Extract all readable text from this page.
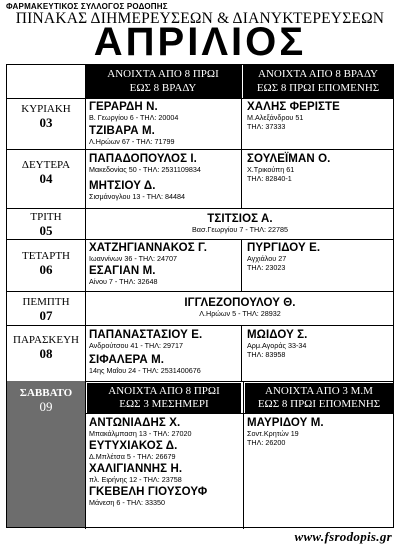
ΦΑΡΜΑΚΕΥΤΙΚΟΣ ΣΥΛΛΟΓΟΣ ΡΟΔΟΠΗΣ
ΠΙΝΑΚΑΣ ΔΙΗΜΕΡΕΥΣΕΩΝ & ΔΙΑΝΥΚΤΕΡΕΥΣΕΩΝ
ΑΠΡΙΛΙΟΣ
ΑΝΟΙΧΤΑ ΑΠΟ 8 ΠΡΩΙ
ΕΩΣ 8 ΒΡΑΔΥ
ΑΝΟΙΧΤΑ ΑΠΟ 8 ΒΡΑΔΥ
ΕΩΣ 8 ΠΡΩΙ ΕΠΟΜΕΝΗΣ
ΚΥΡΙΑΚΗ
03
ΓΕΡΑΡΔΗ Ν.
Β. Γεωργίου 6 - ΤΗΛ: 20004
ΤΖΙΒΑΡΑ Μ.
Λ.Ηρώων 67 - ΤΗΛ: 71799
ΧΑΛΗΣ ΦΕΡΙΣΤΕ
Μ.Αλεξάνδρου 51
ΤΗΛ: 37333
ΔΕΥΤΕΡΑ
04
ΠΑΠΑΔΟΠΟΥΛΟΣ Ι.
Μακεδονίας 50 - ΤΗΛ: 2531109834
ΜΗΤΣΙΟΥ Δ.
Σισμάνογλου 13 - ΤΗΛ: 84484
ΣΟΥΛΕΪΜΑΝ Ο.
Χ.Τρικούπη 61
ΤΗΛ: 82840-1
ΤΡΙΤΗ
05
ΤΣΙΤΣΙΟΣ Α.
Βασ.Γεωργίου 7 - ΤΗΛ: 22785
ΤΕΤΑΡΤΗ
06
ΧΑΤΖΗΓΙΑΝΝΑΚΟΣ Γ.
Ιωαννίνων 36 - ΤΗΛ: 24707
ΕΣΑΓΙΑΝ Μ.
Αίνου 7 - ΤΗΛ: 32648
ΠΥΡΓΙΔΟΥ Ε.
Αγχιάλου 27
ΤΗΛ: 23023
ΠΕΜΠΤΗ
07
ΙΓΓΛΕΖΟΠΟΥΛΟΥ Θ.
Λ.Ηρώων 5 - ΤΗΛ: 28932
ΠΑΡΑΣΚΕΥΗ
08
ΠΑΠΑΝΑΣΤΑΣΙΟΥ Ε.
Ανδρούτσου 41 - ΤΗΛ: 29717
ΣΙΦΑΛΕΡΑ Μ.
14ης Μαΐου 24 - ΤΗΛ: 2531400676
ΜΩΙΔΟΥ Σ.
Αρμ.Αγοράς 33-34
ΤΗΛ: 83958
ΣΑΒΒΑΤΟ
09
ΑΝΟΙΧΤΑ ΑΠΟ 8 ΠΡΩΙ
ΕΩΣ 3 ΜΕΣΗΜΕΡΙ
ΑΝΟΙΧΤΑ ΑΠΟ 3 Μ.Μ
ΕΩΣ 8 ΠΡΩΙ ΕΠΟΜΕΝΗΣ
ΑΝΤΩΝΙΑΔΗΣ Χ.
Μπακάλμπαση 13 - ΤΗΛ: 27020
ΕΥΤΥΧΙΑΚΟΣ Δ.
Δ.Μπλέτσα 5 - ΤΗΛ: 26679
ΧΑΛΙΓΙΑΝΝΗΣ Η.
πλ. Ειρήνης 12 - ΤΗΛ: 23758
ΓΚΕΒΕΛΗ ΓΙΟΥΣΟΥΦ
Μάνεση 6 - ΤΗΛ: 33350
ΜΑΥΡΙΔΟΥ Μ.
Σοντ.Κρητών 19
ΤΗΛ: 26200
www.fsrodopis.gr
